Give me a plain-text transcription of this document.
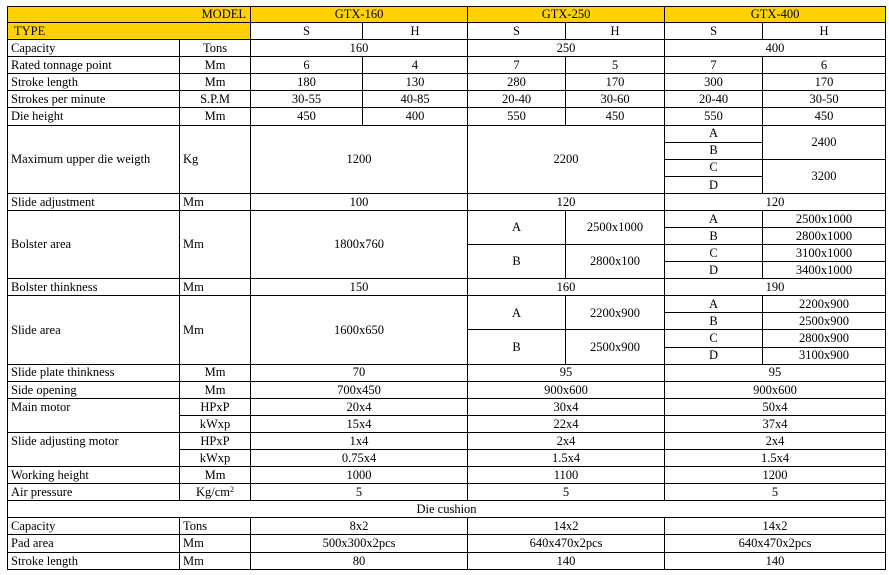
MODEL		GTX-160		GTX-250		GTX-400	
TYPE		S	H	S	H	S	H
Capacity	Tons	160		250		400	
Rated tonnage point	Mm	6	4	7	5	7	6
Stroke length	Mm	180	130	280	170	300	170
Strokes per minute	S.P.M	30-55	40-85	20-40	30-60	20-40	30-50
Die height	Mm	450	400	550	450	550	450
Maximum upper die weigth	Kg	1200		2200		A	2400
						B	
						C	3200
						D	
Slide adjustment	Mm	100		120		120	
Bolster area	Mm	1800x760		A	2500x1000	A	2500x1000
						B	2800x1000
				B	2800x100	C	3100x1000
						D	3400x1000
Bolster thinkness	Mm	150		160		190	
Slide area	Mm	1600x650		A	2200x900	A	2200x900
						B	2500x900
				B	2500x900	C	2800x900
						D	3100x900
Slide plate thinkness	Mm	70		95		95	
Side opening	Mm	700x450		900x600		900x600	
Main motor	HPxP	20x4		30x4		50x4	
	kWxp	15x4		22x4		37x4	
Slide adjusting motor	HPxP	1x4		2x4		2x4	
	kWxp	0.75x4		1.5x4		1.5x4	
Working height	Mm	1000		1100		1200	
Air pressure	$Kg/cm^2$	5		5		5	
Die cushion							
Capacity	Tons	8x2		14x2		14x2	
Pad area	Mm	500x300x2pcs		640x470x2pcs		640x470x2pcs	
Stroke length	Mm	80		140		140	
